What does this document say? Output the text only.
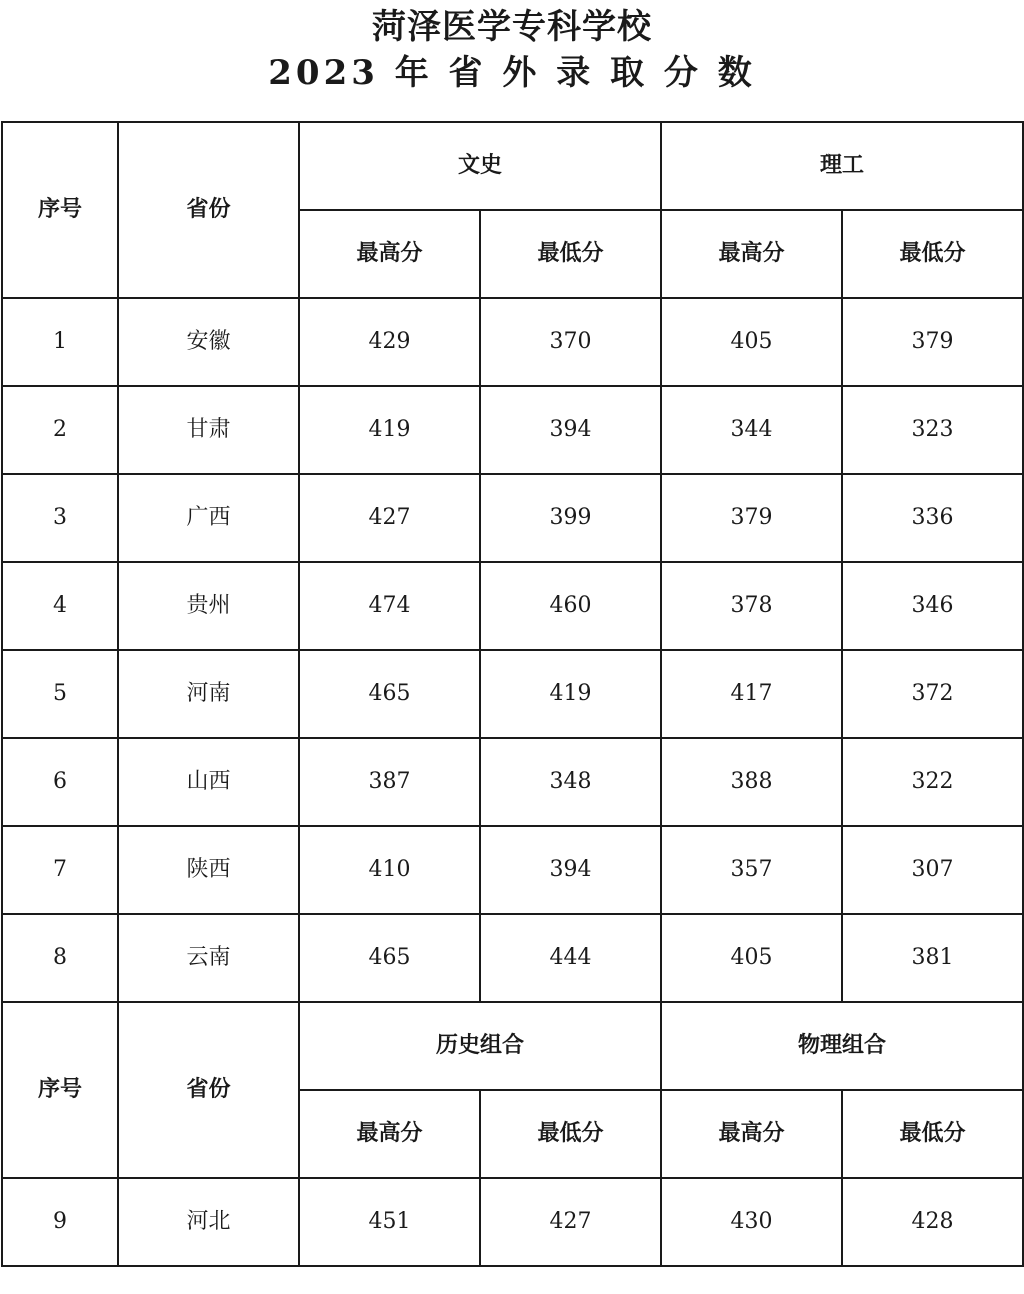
菏泽医学专科学校
2023 年 省 外 录 取 分 数
序号	省份	文史		理工	
		最高分	最低分	最高分	最低分
1	安徽	429	370	405	379
2	甘肃	419	394	344	323
3	广西	427	399	379	336
4	贵州	474	460	378	346
5	河南	465	419	417	372
6	山西	387	348	388	322
7	陕西	410	394	357	307
8	云南	465	444	405	381
序号	省份	历史组合		物理组合	
		最高分	最低分	最高分	最低分
9	河北	451	427	430	428
